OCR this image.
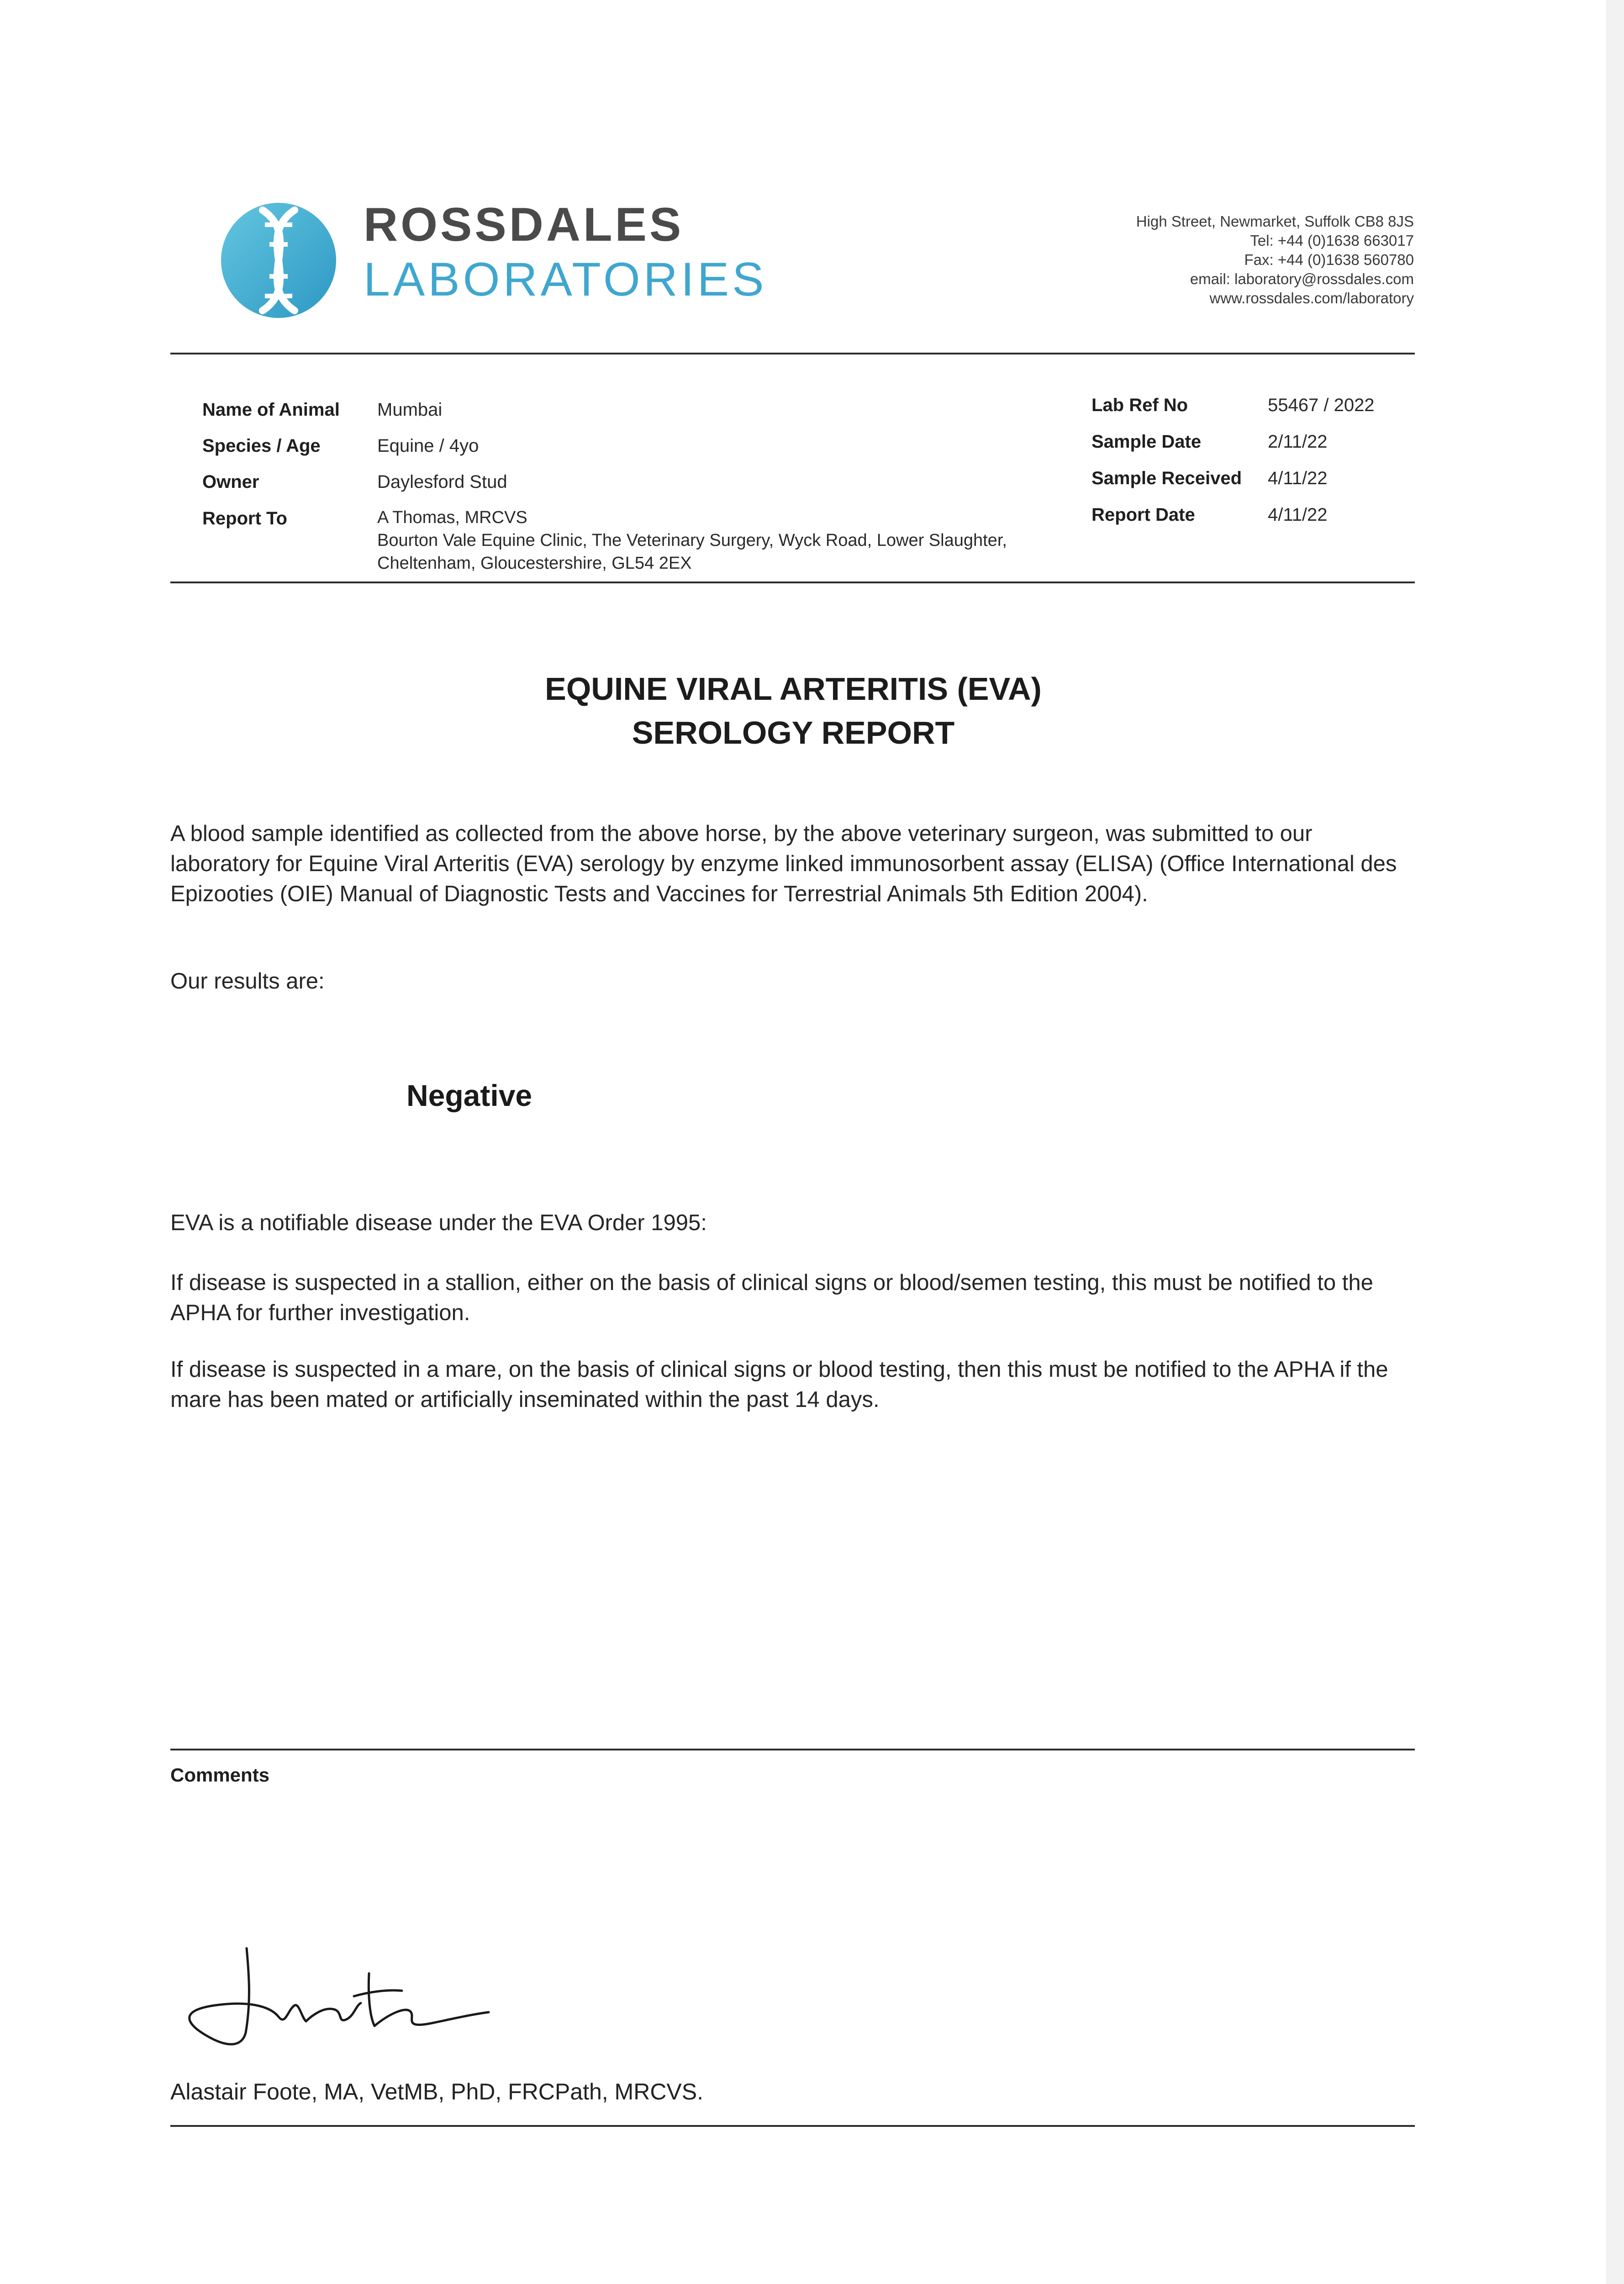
ROSSDALES
LABORATORIES
High Street, Newmarket, Suffolk CB8 8JS
Tel: +44 (0)1638 663017
Fax: +44 (0)1638 560780
email: laboratory@rossdales.com
www.rossdales.com/laboratory
Name of Animal Mumbai
Species / Age	Equine / 4yo
Owner	Daylesford Stud
Report To	A Thomas, MRCVS
Bourton Vale Equine Clinic, The Veterinary Surgery, Wyck Road, Lower Slaughter,
Cheltenham, Gloucestershire, GL54 2EX
Lab Ref No	55467 / 2022
Sample Date	2/11/22
Sample Received 4/11/22
Report Date	4/11/22
EQUINE VIRAL ARTERITIS (EVA)
SEROLOGY REPORT
A blood sample identified as collected from the above horse, by the above veterinary surgeon, was submitted to our laboratory for Equine Viral Arteritis (EVA) serology by enzyme linked immunosorbent assay (ELISA) (Office International des Epizooties (OIE) Manual of Diagnostic Tests and Vaccines for Terrestrial Animals 5th Edition 2004).
Our results are:
Negative
EVA is a notifiable disease under the EVA Order 1995:
If disease is suspected in a stallion, either on the basis of clinical signs or blood/semen testing, this must be notified to the APHA for further investigation.
If disease is suspected in a mare, on the basis of clinical signs or blood testing, then this must be notified to the APHA if the mare has been mated or artificially inseminated within the past 14 days.
Comments
Alastair Foote, MA, VetMB, PhD, FRCPath, MRCVS.
